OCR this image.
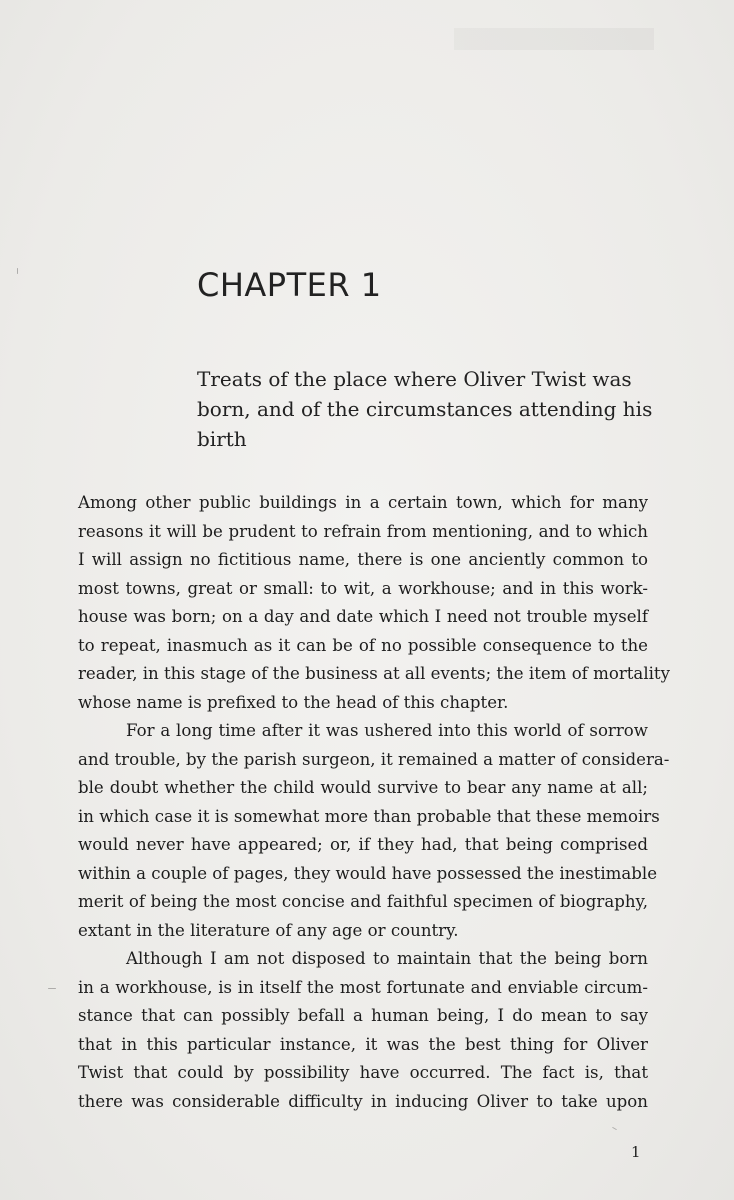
CHAPTER 1
Treats of the place where Oliver Twist was born, and of the circumstances attending his birth
Among other public buildings in a certain town, which for many
reasons it will be prudent to refrain from mentioning, and to which
I will assign no fictitious name, there is one anciently common to
most towns, great or small: to wit, a workhouse; and in this work-
house was born; on a day and date which I need not trouble myself
to repeat, inasmuch as it can be of no possible consequence to the
reader, in this stage of the business at all events; the item of mortality
whose name is prefixed to the head of this chapter.
For a long time after it was ushered into this world of sorrow
and trouble, by the parish surgeon, it remained a matter of considera-
ble doubt whether the child would survive to bear any name at all;
in which case it is somewhat more than probable that these memoirs
would never have appeared; or, if they had, that being comprised
within a couple of pages, they would have possessed the inestimable
merit of being the most concise and faithful specimen of biography,
extant in the literature of any age or country.
Although I am not disposed to maintain that the being born
in a workhouse, is in itself the most fortunate and enviable circum-
stance that can possibly befall a human being, I do mean to say
that in this particular instance, it was the best thing for Oliver
Twist that could by possibility have occurred. The fact is, that
there was considerable difficulty in inducing Oliver to take upon
1
